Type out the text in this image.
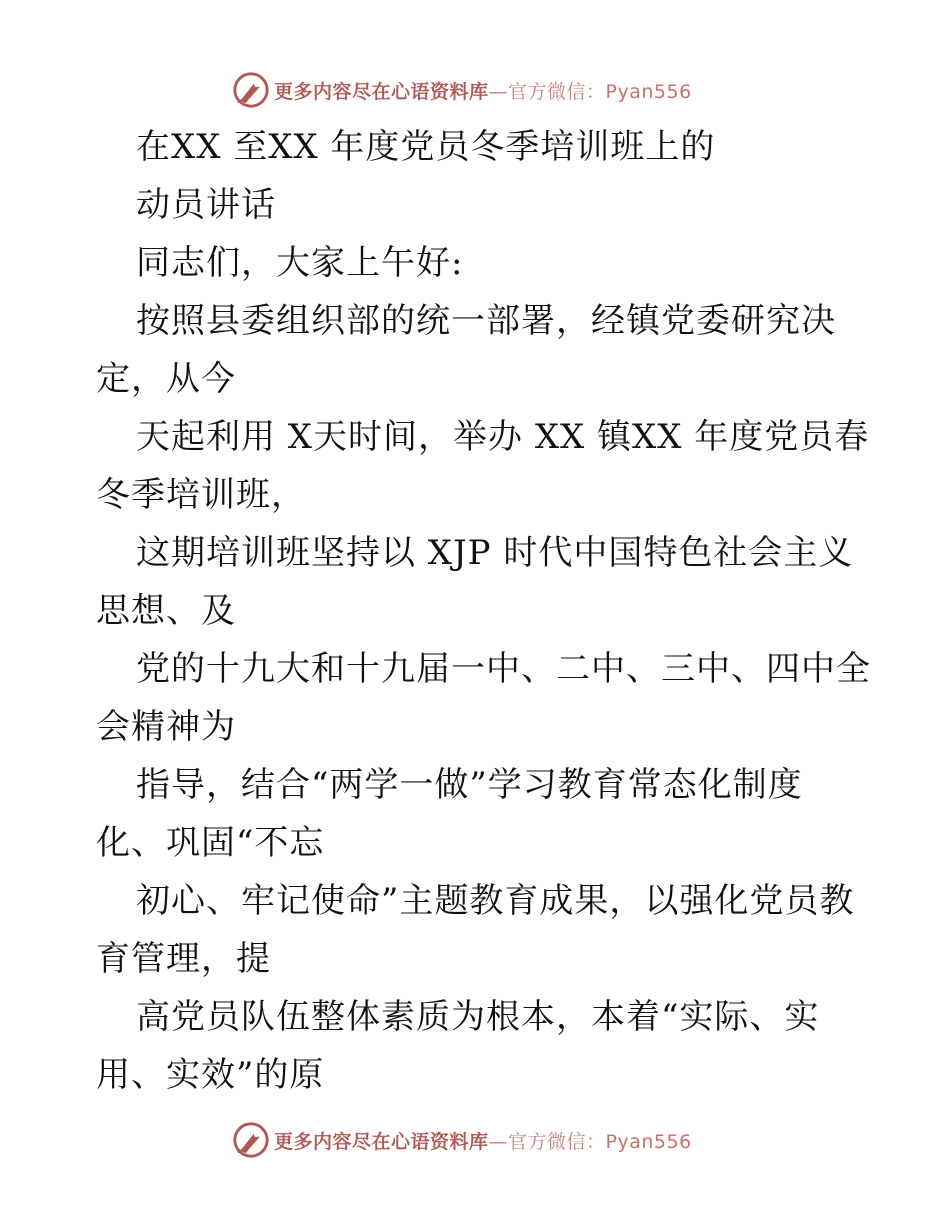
更多内容尽在心语资料库—官方微信：Pyan556
在XX 至XX 年度党员冬季培训班上的
动员讲话
同志们，大家上午好:
按照县委组织部的统一部署，经镇党委研究决
定，从今
天起利用 X天时间，举办 XX 镇XX 年度党员春
冬季培训班，
这期培训班坚持以 XJP 时代中国特色社会主义
思想、及
党的十九大和十九届一中、二中、三中、四中全
会精神为
指导，结合“两学一做”学习教育常态化制度
化、巩固“不忘
初心、牢记使命”主题教育成果，以强化党员教
育管理，提
高党员队伍整体素质为根本，本着“实际、实
用、实效”的原
更多内容尽在心语资料库—官方微信：Pyan556
